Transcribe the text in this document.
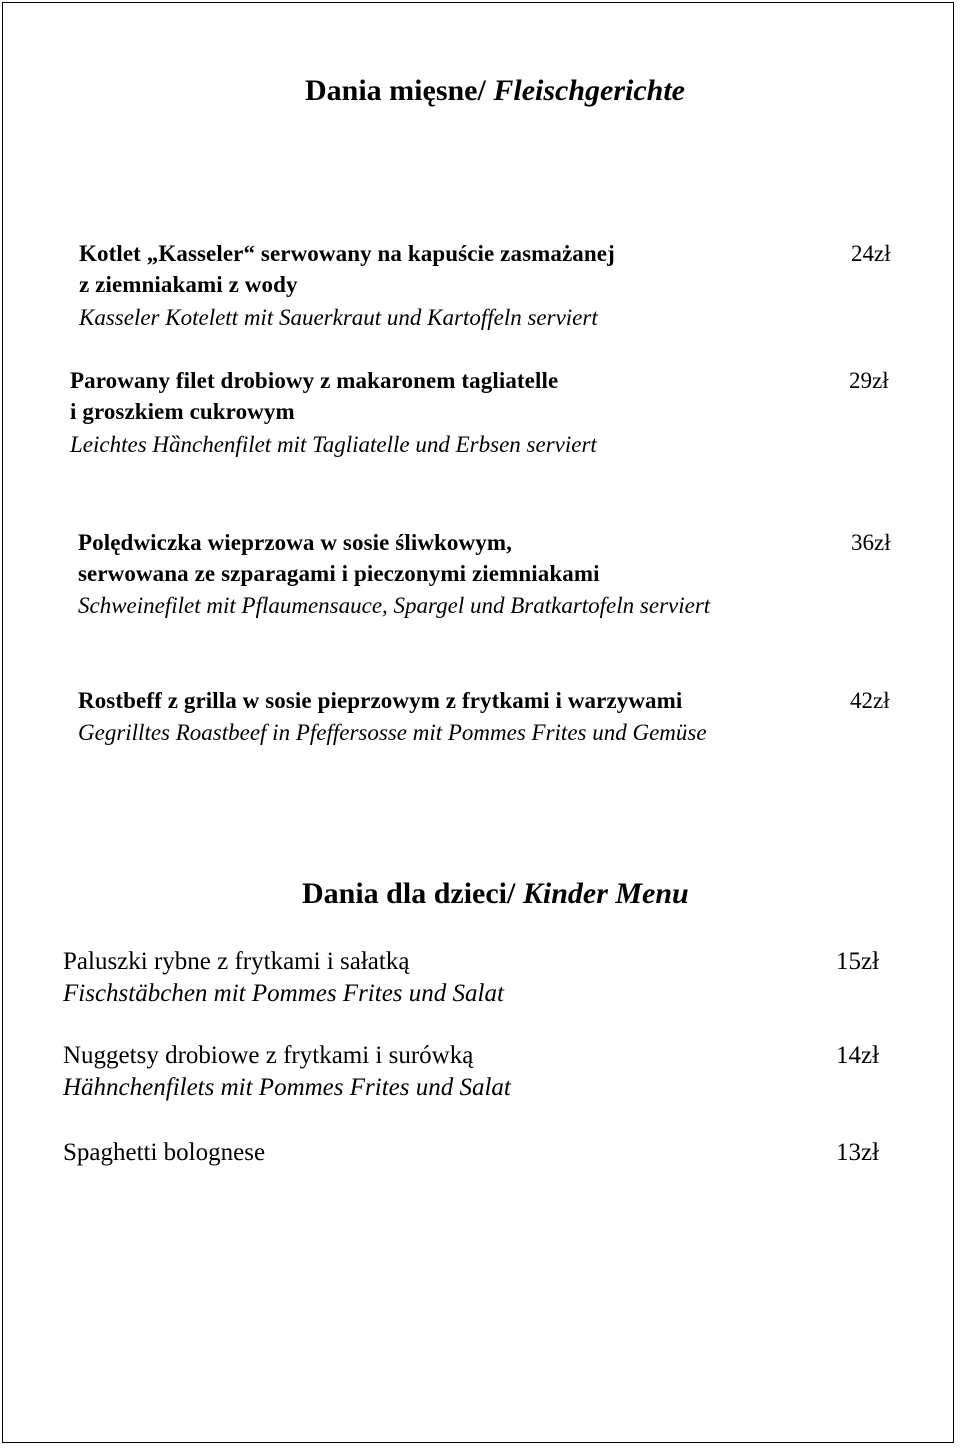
Dania mięsne/ Fleischgerichte
Kotlet „Kasseler“ serwowany na kapuście zasmażanej	24zł
z ziemniakami z wody
Kasseler Kotelett mit Sauerkraut und Kartoffeln serviert
Parowany filet drobiowy z makaronem tagliatelle	29zł
i groszkiem cukrowym
Leichtes Hȁnchenfilet mit Tagliatelle und Erbsen serviert
Polędwiczka wieprzowa w sosie śliwkowym,	36zł
serwowana ze szparagami i pieczonymi ziemniakami
Schweinefilet mit Pflaumensauce, Spargel und Bratkartofeln serviert
Rostbeff z grilla w sosie pieprzowym z frytkami i warzywami	42zł
Gegrilltes Roastbeef in Pfeffersosse mit Pommes Frites und Gemüse
Dania dla dzieci/ Kinder Menu
Paluszki rybne z frytkami i sałatką	15zł
Fischstäbchen mit Pommes Frites und Salat
Nuggetsy drobiowe z frytkami i surówką	14zł
Hähnchenfilets mit Pommes Frites und Salat
Spaghetti bolognese	13zł
